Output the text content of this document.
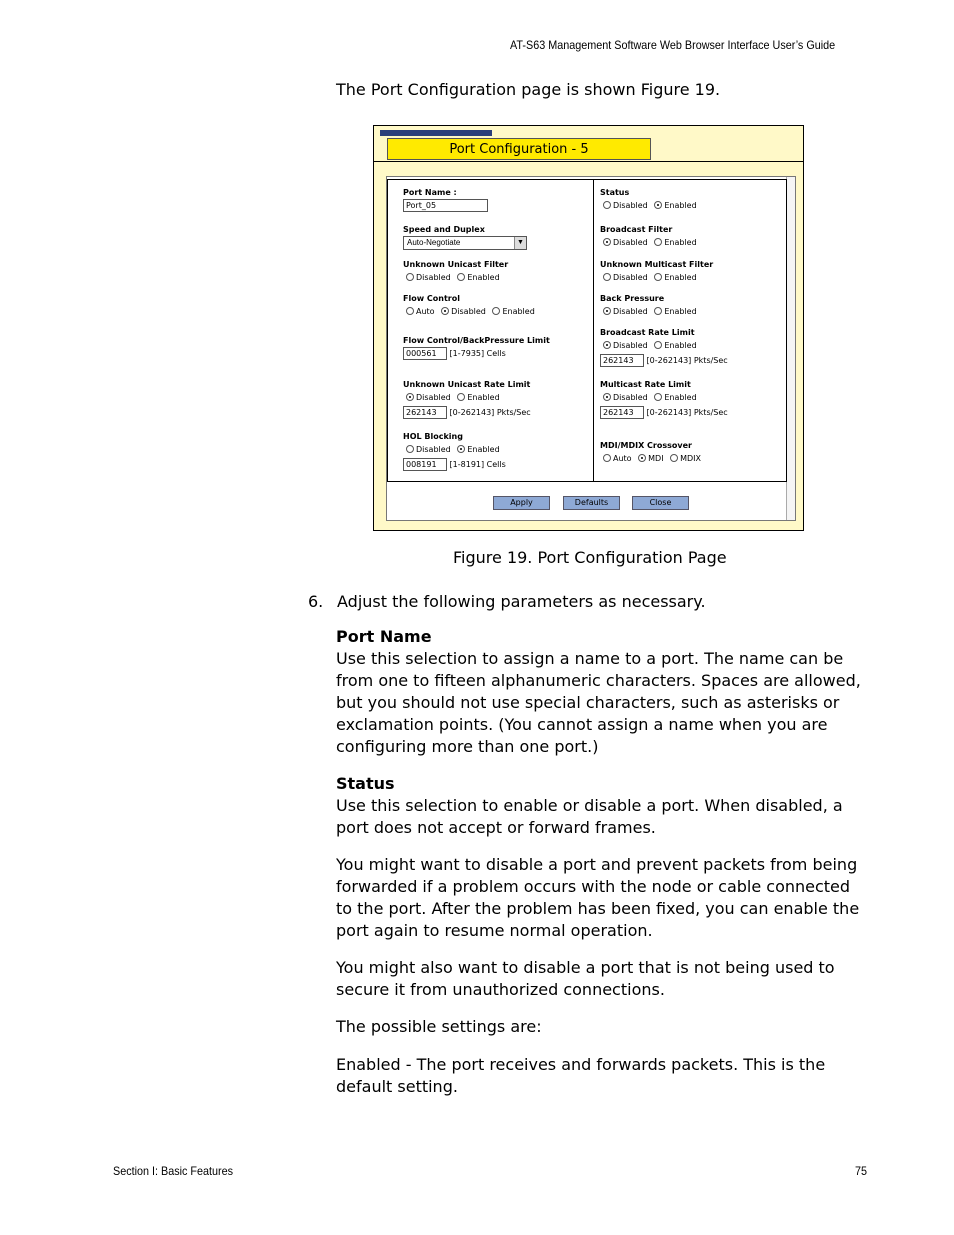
AT-S63 Management Software Web Browser Interface User’s Guide
The Port Configuration page is shown Figure 19.
Port Configuration - 5
Port Name :
Port_05
Speed and Duplex
Auto-Negotiate	▼
Unknown Unicast Filter
Disabled Enabled
Flow Control
Auto Disabled Enabled
Flow Control/BackPressure Limit
000561 [1-7935] Cells
Unknown Unicast Rate Limit
Disabled Enabled
262143 [0-262143] Pkts/Sec
HOL Blocking
Disabled Enabled
008191 [1-8191] Cells
Status
Disabled Enabled
Broadcast Filter
Disabled Enabled
Unknown Multicast Filter
Disabled Enabled
Back Pressure
Disabled Enabled
Broadcast Rate Limit
Disabled Enabled
262143 [0-262143] Pkts/Sec
Multicast Rate Limit
Disabled Enabled
262143 [0-262143] Pkts/Sec
MDI/MDIX Crossover
Auto MDI MDIX
Apply	Defaults	Close
Figure 19. Port Configuration Page
6. Adjust the following parameters as necessary.
Port Name
Use this selection to assign a name to a port. The name can be
from one to fifteen alphanumeric characters. Spaces are allowed,
but you should not use special characters, such as asterisks or
exclamation points. (You cannot assign a name when you are
configuring more than one port.)
Status
Use this selection to enable or disable a port. When disabled, a
port does not accept or forward frames.
You might want to disable a port and prevent packets from being
forwarded if a problem occurs with the node or cable connected
to the port. After the problem has been fixed, you can enable the
port again to resume normal operation.
You might also want to disable a port that is not being used to
secure it from unauthorized connections.
The possible settings are:
Enabled - The port receives and forwards packets. This is the
default setting.
Section I: Basic Features	75
